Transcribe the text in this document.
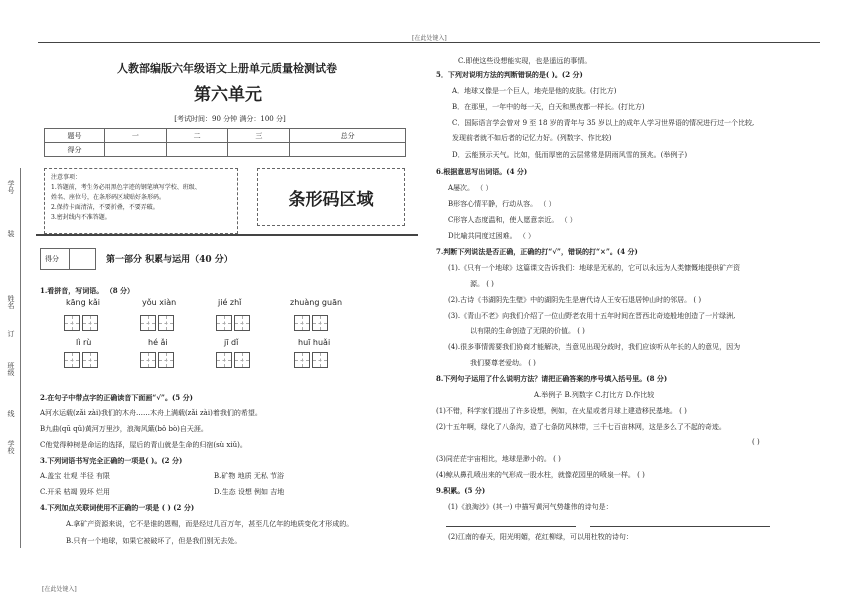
[在此处键入]
[在此处键入]
学号
装
姓名
订
班级
线
学校
人教部编版六年级语文上册单元质量检测试卷
第六单元
[考试时间：90 分钟 满分：100 分]
题号	一	二	三	总分
得分				
注意事项：
1.答题前，考生务必用黑色字迹的钢笔填写学校、班级、
姓名、座位号，在条形码区域贴好条形码。
2.保持卡面清洁，不要折叠，不要弄破。
3.密封线内不准答题。
条形码区域
得分	第一部分 积累与运用（40 分）
1.看拼音，写词语。 （8 分）
kāng kǎi	yǒu xiàn	jié zhǐ	zhuàng guān
lì rù	hé ǎi	jī dǐ	huī huǎi
2.在句子中带点字的正确读音下面画“√”。(5 分)
A河水运载(zǎi zài)我们的木舟……木舟上满载(zǎi zài)着我们的希望。
B九曲(qū qǔ)黄河万里沙，浪淘风簸(bǒ bò)自天涯。
C他觉得种树是命运的选择，屋后的青山就是生命的归宿(sù xiǔ)。
3.下列词语书写完全正确的一项是( )。(2 分)
A.盖宝 壮观 半径 有限	B.矿物 地质 无私 节浴
C.开采 枯竭 毁坏 烂用	D.生态 设想 例如 吉地
4.下列加点关联词使用不正确的一项是 ( ) (2 分)
A.拿矿产资源来说，它不是谁的恩赐，而是经过几百万年，甚至几亿年的地质变化才形成的。
B.只有一个地球，如果它被破坏了，但是我们别无去处。
C.即使这些设想能实现，也是遥远的事情。
5．下列对说明方法的判断错误的是( )。(2 分)
A．地球又像是一个巨人，地壳是他的皮肤。(打比方)
B．在那里，一年中的每一天，白天和黑夜都一样长。(打比方)
C．国际语言学会曾对 9 至 18 岁的青年与 35 岁以上的成年人学习世界语的情况进行过一个比较,
发现前者就不如后者的记忆力好。(列数字、作比较)
D．云能预示天气。比如，低而厚密的云层常常是阴雨风雪的预兆。(举例子)
6.根据意思写出词语。(4 分)
A屡次。 （ ）
B形容心情平静，行动从容。 （ ）
C形容人态度温和，使人愿意亲近。 （ ）
D比喻共同度过困难。 （ ）
7.判断下列说法是否正确，正确的打“√”，错误的打“×”。(4 分)
(1).《只有一个地球》这篇课文告诉我们：地球是无私的，它可以永远为人类慷慨地提供矿产资
源。 ( )
(2).古诗《书湖阴先生壁》中的湖阴先生是唐代诗人王安石退居钟山时的邻居。 ( )
(3).《青山不老》向我们介绍了一位山野老农用十五年时间在晋西北奇迹般地创造了一片绿洲,
以有限的生命创造了无限的价值。 ( )
(4).很多事情需要我们协商才能解决，当意见出现分歧时，我们应该听从年长的人的意见，因为
我们要尊老爱幼。 ( )
8.下列句子运用了什么说明方法？请把正确答案的序号填入括号里。(8 分)
A.举例子 B.列数字 C.打比方 D.作比较
(1)不错，科学家们提出了许多设想，例如，在火星或者月球上建造移民基地。 ( )
(2)十五年啊，绿化了八条沟，造了七条防风林带，三千七百亩林网，这是多么了不起的奇迹。
( )
(3)同茫茫宇宙相比，地球是渺小的。 ( )
(4)鲸从鼻孔喷出来的气形成一股水柱，就像花园里的喷泉一样。 ( )
9.积累。(5 分)
(1)《浪淘沙》(其一) 中描写黄河气势雄伟的诗句是：
(2)江南的春天，阳光明媚，花红柳绿，可以用杜牧的诗句：
